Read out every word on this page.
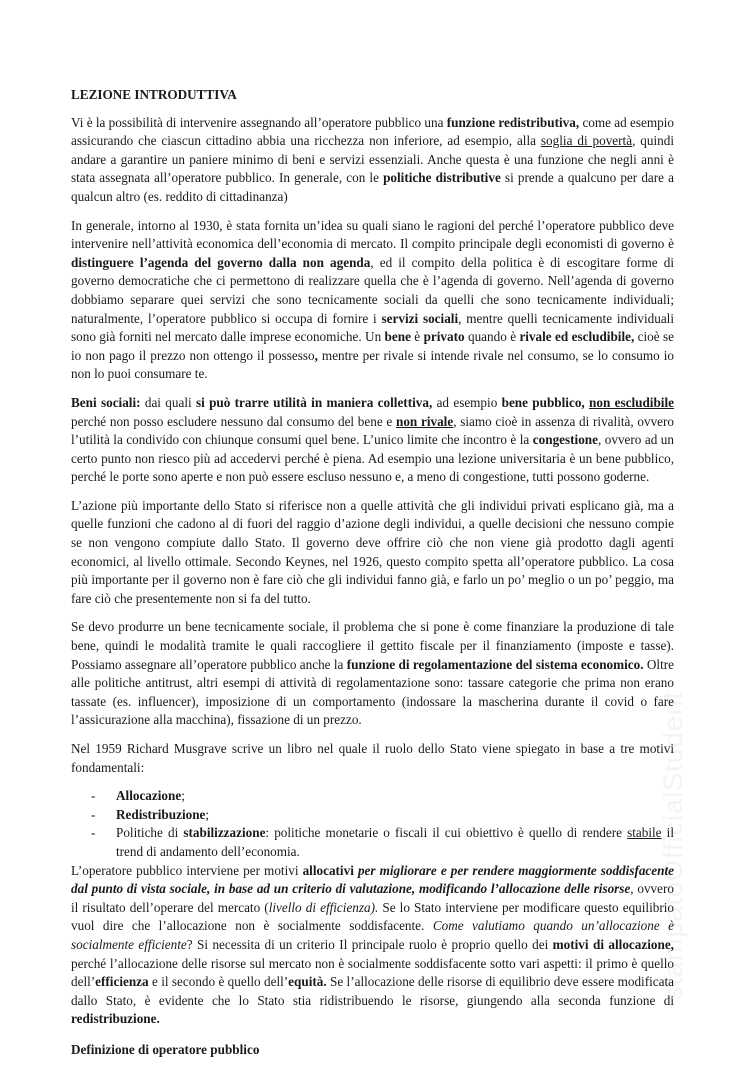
LEZIONE INTRODUTTIVA

Vi è la possibilità di intervenire assegnando all’operatore pubblico una funzione redistributiva, come ad esempio assicurando che ciascun cittadino abbia una ricchezza non inferiore, ad esempio, alla soglia di povertà, quindi andare a garantire un paniere minimo di beni e servizi essenziali. Anche questa è una funzione che negli anni è stata assegnata all’operatore pubblico. In generale, con le politiche distributive si prende a qualcuno per dare a qualcun altro (es. reddito di cittadinanza)

In generale, intorno al 1930, è stata fornita un’idea su quali siano le ragioni del perché l’operatore pubblico deve intervenire nell’attività economica dell’economia di mercato. Il compito principale degli economisti di governo è distinguere l’agenda del governo dalla non agenda, ed il compito della politica è di escogitare forme di governo democratiche che ci permettono di realizzare quella che è l’agenda di governo. Nell’agenda di governo dobbiamo separare quei servizi che sono tecnicamente sociali da quelli che sono tecnicamente individuali; naturalmente, l’operatore pubblico si occupa di fornire i servizi sociali, mentre quelli tecnicamente individuali sono già forniti nel mercato dalle imprese economiche. Un bene è privato quando è rivale ed escludibile, cioè se io non pago il prezzo non ottengo il possesso, mentre per rivale si intende rivale nel consumo, se lo consumo io non lo puoi consumare te.

Beni sociali: dai quali si può trarre utilità in maniera collettiva, ad esempio bene pubblico, non escludibile perché non posso escludere nessuno dal consumo del bene e non rivale, siamo cioè in assenza di rivalità, ovvero l’utilità la condivido con chiunque consumi quel bene. L’unico limite che incontro è la congestione, ovvero ad un certo punto non riesco più ad accedervi perché è piena. Ad esempio una lezione universitaria è un bene pubblico, perché le porte sono aperte e non può essere escluso nessuno e, a meno di congestione, tutti possono goderne.

L’azione più importante dello Stato si riferisce non a quelle attività che gli individui privati esplicano già, ma a quelle funzioni che cadono al di fuori del raggio d’azione degli individui, a quelle decisioni che nessuno compie se non vengono compiute dallo Stato. Il governo deve offrire ciò che non viene già prodotto dagli agenti economici, al livello ottimale. Secondo Keynes, nel 1926, questo compito spetta all’operatore pubblico. La cosa più importante per il governo non è fare ciò che gli individui fanno già, e farlo un po’ meglio o un po’ peggio, ma fare ciò che presentemente non si fa del tutto.

Se devo produrre un bene tecnicamente sociale, il problema che si pone è come finanziare la produzione di tale bene, quindi le modalità tramite le quali raccogliere il gettito fiscale per il finanziamento (imposte e tasse). Possiamo assegnare all’operatore pubblico anche la funzione di regolamentazione del sistema economico. Oltre alle politiche antitrust, altri esempi di attività di regolamentazione sono: tassare categorie che prima non erano tassate (es. influencer), imposizione di un comportamento (indossare la mascherina durante il covid o fare l’assicurazione alla macchina), fissazione di un prezzo.

Nel 1959 Richard Musgrave scrive un libro nel quale il ruolo dello Stato viene spiegato in base a tre motivi fondamentali:

- Allocazione;
- Redistribuzione;
- Politiche di stabilizzazione: politiche monetarie o fiscali il cui obiettivo è quello di rendere stabile il trend di andamento dell’economia.

L’operatore pubblico interviene per motivi allocativi per migliorare e per rendere maggiormente soddisfacente dal punto di vista sociale, in base ad un criterio di valutazione, modificando l’allocazione delle risorse, ovvero il risultato dell’operare del mercato (livello di efficienza). Se lo Stato interviene per modificare questo equilibrio vuol dire che l’allocazione non è socialmente soddisfacente. Come valutiamo quando un’allocazione è socialmente efficiente? Si necessita di un criterio Il principale ruolo è proprio quello dei motivi di allocazione, perché l’allocazione delle risorse sul mercato non è socialmente soddisfacente sotto vari aspetti: il primo è quello dell’efficienza e il secondo è quello dell’equità. Se l’allocazione delle risorse di equilibrio deve essere modificata dallo Stato, è evidente che lo Stato stia ridistribuendo le risorse, giungendo alla seconda funzione di redistribuzione.

Definizione di operatore pubblico
